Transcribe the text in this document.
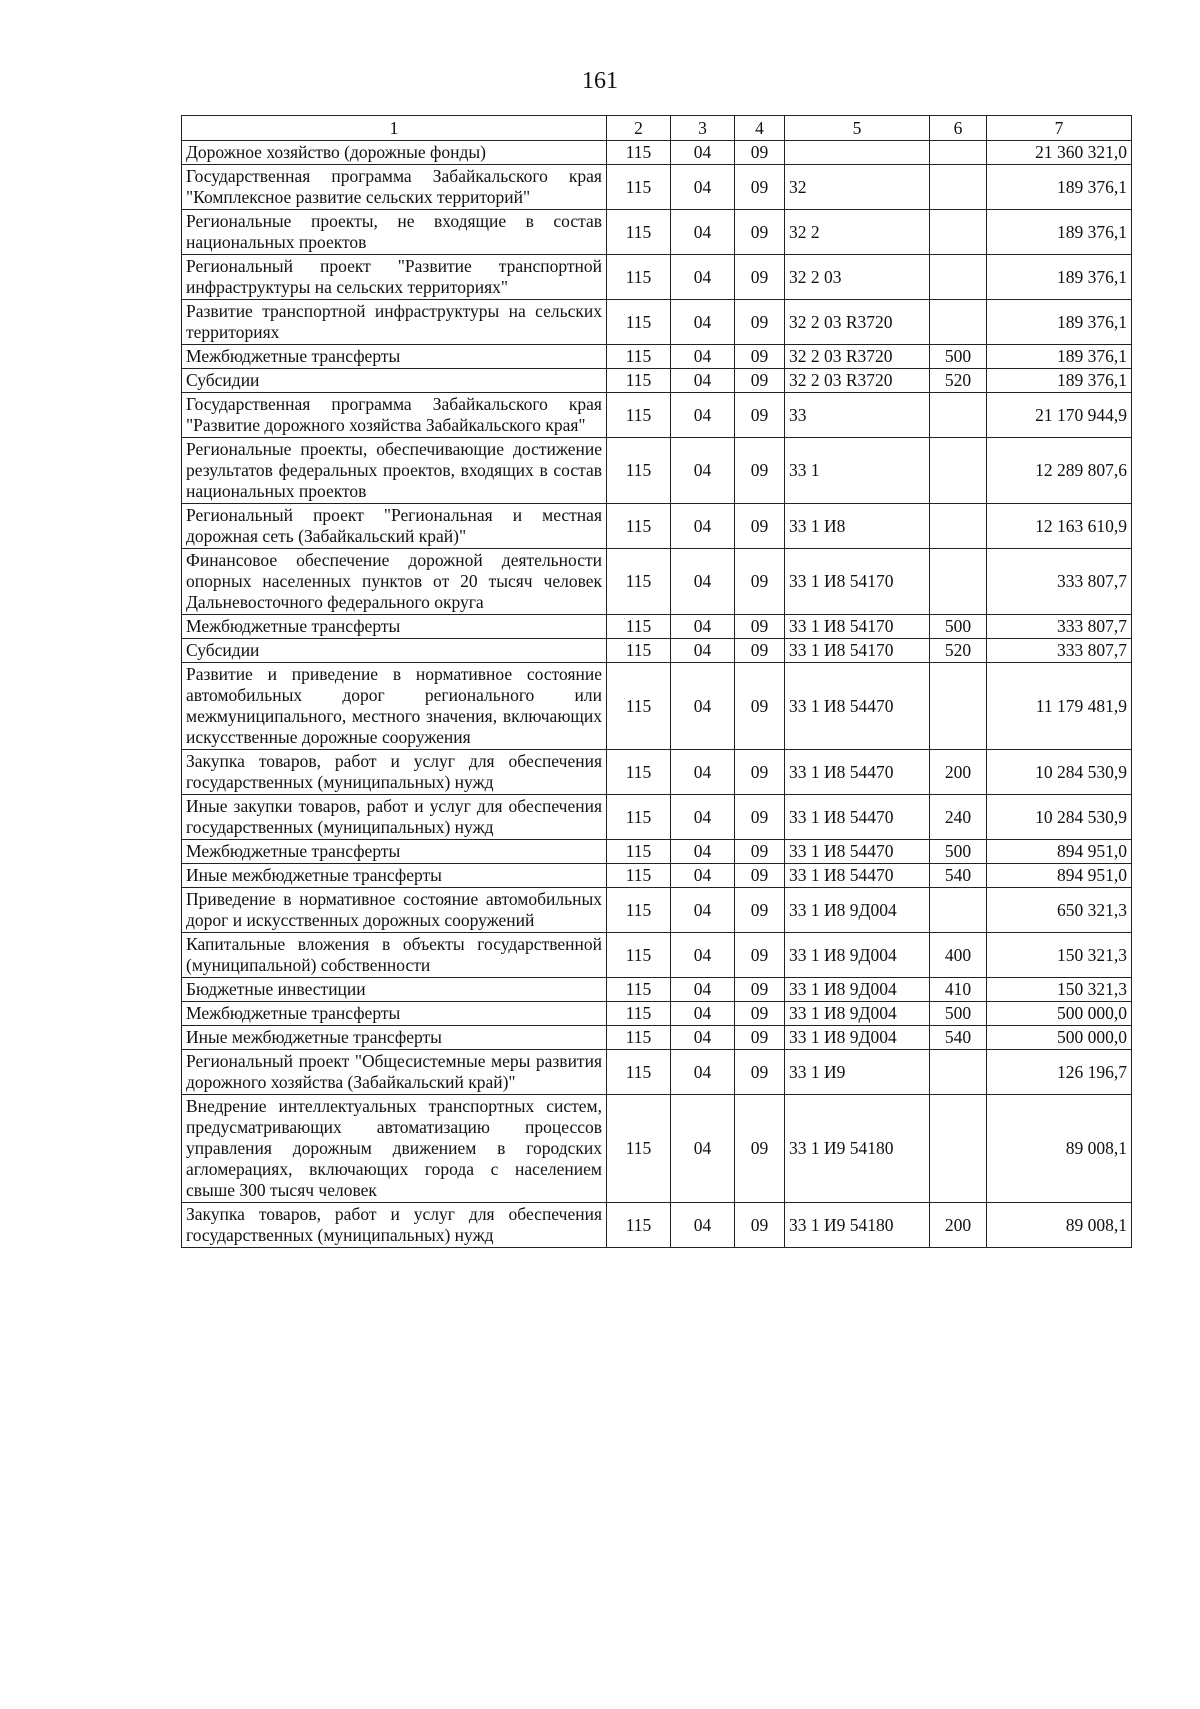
161
1	2	3	4	5	6	7
Дорожное хозяйство (дорожные фонды)	115	04	09			21 360 321,0
Государственная программа Забайкальского края "Комплексное развитие сельских территорий"	115	04	09	32		189 376,1
Региональные проекты, не входящие в состав национальных проектов	115	04	09	32 2		189 376,1
Региональный проект "Развитие транспортной инфраструктуры на сельских территориях"	115	04	09	32 2 03		189 376,1
Развитие транспортной инфраструктуры на сельских территориях	115	04	09	32 2 03 R3720		189 376,1
Межбюджетные трансферты	115	04	09	32 2 03 R3720	500	189 376,1
Субсидии	115	04	09	32 2 03 R3720	520	189 376,1
Государственная программа Забайкальского края "Развитие дорожного хозяйства Забайкальского края"	115	04	09	33		21 170 944,9
Региональные проекты, обеспечивающие достижение результатов федеральных проектов, входящих в состав национальных проектов	115	04	09	33 1		12 289 807,6
Региональный проект "Региональная и местная дорожная сеть (Забайкальский край)"	115	04	09	33 1 И8		12 163 610,9
Финансовое обеспечение дорожной деятельности опорных населенных пунктов от 20 тысяч человек Дальневосточного федерального округа	115	04	09	33 1 И8 54170		333 807,7
Межбюджетные трансферты	115	04	09	33 1 И8 54170	500	333 807,7
Субсидии	115	04	09	33 1 И8 54170	520	333 807,7
Развитие и приведение в нормативное состояние автомобильных дорог регионального или межмуниципального, местного значения, включающих искусственные дорожные сооружения	115	04	09	33 1 И8 54470		11 179 481,9
Закупка товаров, работ и услуг для обеспечения государственных (муниципальных) нужд	115	04	09	33 1 И8 54470	200	10 284 530,9
Иные закупки товаров, работ и услуг для обеспечения государственных (муниципальных) нужд	115	04	09	33 1 И8 54470	240	10 284 530,9
Межбюджетные трансферты	115	04	09	33 1 И8 54470	500	894 951,0
Иные межбюджетные трансферты	115	04	09	33 1 И8 54470	540	894 951,0
Приведение в нормативное состояние автомобильных дорог и искусственных дорожных сооружений	115	04	09	33 1 И8 9Д004		650 321,3
Капитальные вложения в объекты государственной (муниципальной) собственности	115	04	09	33 1 И8 9Д004	400	150 321,3
Бюджетные инвестиции	115	04	09	33 1 И8 9Д004	410	150 321,3
Межбюджетные трансферты	115	04	09	33 1 И8 9Д004	500	500 000,0
Иные межбюджетные трансферты	115	04	09	33 1 И8 9Д004	540	500 000,0
Региональный проект "Общесистемные меры развития дорожного хозяйства (Забайкальский край)"	115	04	09	33 1 И9		126 196,7
Внедрение интеллектуальных транспортных систем, предусматривающих автоматизацию процессов управления дорожным движением в городских агломерациях, включающих города с населением свыше 300 тысяч человек	115	04	09	33 1 И9 54180		89 008,1
Закупка товаров, работ и услуг для обеспечения государственных (муниципальных) нужд	115	04	09	33 1 И9 54180	200	89 008,1
